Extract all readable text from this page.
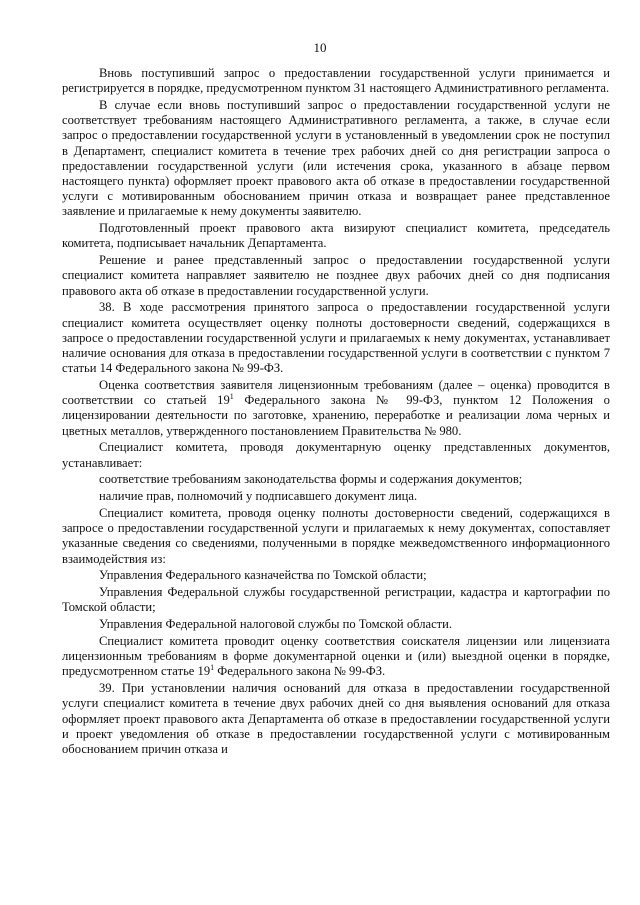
10

Вновь поступивший запрос о предоставлении государственной услуги принимается и регистрируется в порядке, предусмотренном пунктом 31 настоящего Административного регламента.

В случае если вновь поступивший запрос о предоставлении государственной услуги не соответствует требованиям настоящего Административного регламента, а также, в случае если запрос о предоставлении государственной услуги в установленный в уведомлении срок не поступил в Департамент, специалист комитета в течение трех рабочих дней со дня регистрации запроса о предоставлении государственной услуги (или истечения срока, указанного в абзаце первом настоящего пункта) оформляет проект правового акта об отказе в предоставлении государственной услуги с мотивированным обоснованием причин отказа и возвращает ранее представленное заявление и прилагаемые к нему документы заявителю.

Подготовленный проект правового акта визируют специалист комитета, председатель комитета, подписывает начальник Департамента.

Решение и ранее представленный запрос о предоставлении государственной услуги специалист комитета направляет заявителю не позднее двух рабочих дней со дня подписания правового акта об отказе в предоставлении государственной услуги.

38. В ходе рассмотрения принятого запроса о предоставлении государственной услуги специалист комитета осуществляет оценку полноты достоверности сведений, содержащихся в запросе о предоставлении государственной услуги и прилагаемых к нему документах, устанавливает наличие основания для отказа в предоставлении государственной услуги в соответствии с пунктом 7 статьи 14 Федерального закона № 99-ФЗ.

Оценка соответствия заявителя лицензионным требованиям (далее – оценка) проводится в соответствии со статьей $19^1$ Федерального закона № 99-ФЗ, пунктом 12 Положения о лицензировании деятельности по заготовке, хранению, переработке и реализации лома черных и цветных металлов, утвержденного постановлением Правительства № 980.

Специалист комитета, проводя документарную оценку представленных документов, устанавливает:

соответствие требованиям законодательства формы и содержания документов;

наличие прав, полномочий у подписавшего документ лица.

Специалист комитета, проводя оценку полноты достоверности сведений, содержащихся в запросе о предоставлении государственной услуги и прилагаемых к нему документах, сопоставляет указанные сведения со сведениями, полученными в порядке межведомственного информационного взаимодействия из:

Управления Федерального казначейства по Томской области;

Управления Федеральной службы государственной регистрации, кадастра и картографии по Томской области;

Управления Федеральной налоговой службы по Томской области.

Специалист комитета проводит оценку соответствия соискателя лицензии или лицензиата лицензионным требованиям в форме документарной оценки и (или) выездной оценки в порядке, предусмотренном статье $19^1$ Федерального закона № 99-ФЗ.

39. При установлении наличия оснований для отказа в предоставлении государственной услуги специалист комитета в течение двух рабочих дней со дня выявления оснований для отказа оформляет проект правового акта Департамента об отказе в предоставлении государственной услуги и проект уведомления об отказе в предоставлении государственной услуги с мотивированным обоснованием причин отказа и
